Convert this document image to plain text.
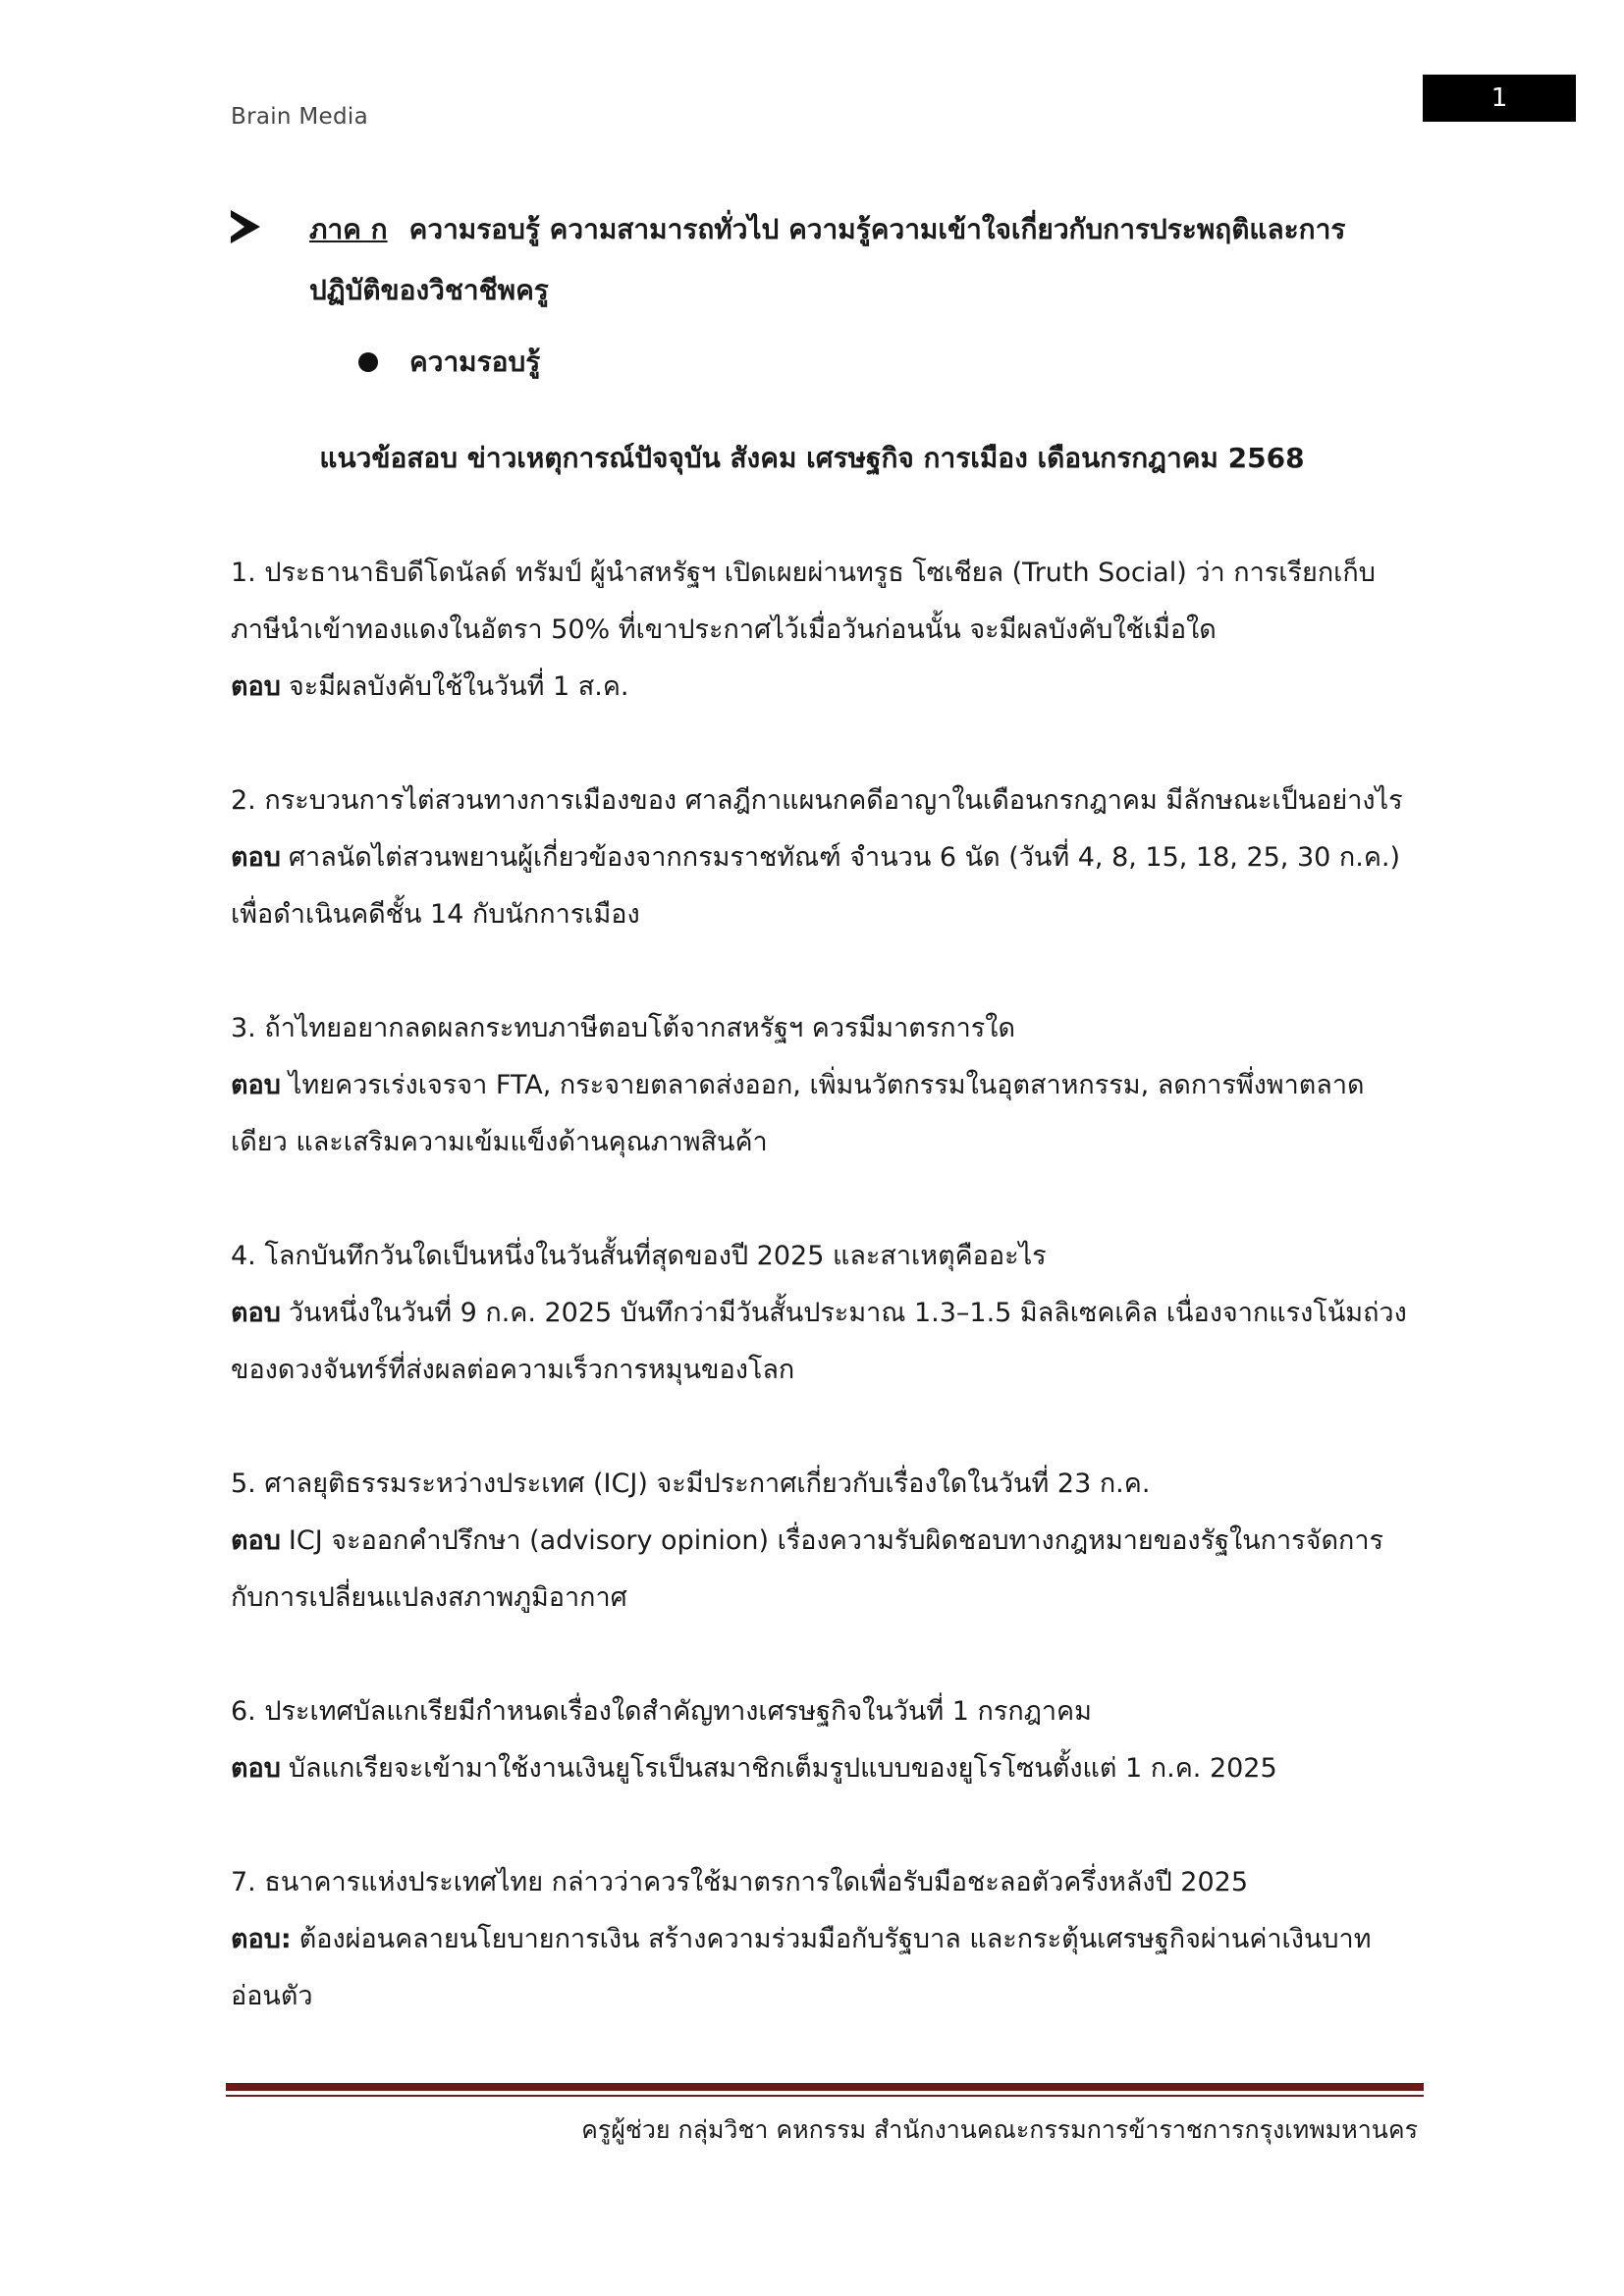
Brain Media
1
ภาค ก ความรอบรู้ ความสามารถทั่วไป ความรู้ความเข้าใจเกี่ยวกับการประพฤติและการ
ปฏิบัติของวิชาชีพครู
ความรอบรู้
แนวข้อสอบ ข่าวเหตุการณ์ปัจจุบัน สังคม เศรษฐกิจ การเมือง เดือนกรกฎาคม 2568
1. ประธานาธิบดีโดนัลด์ ทรัมป์ ผู้นำสหรัฐฯ เปิดเผยผ่านทรูธ โซเชียล (Truth Social) ว่า การเรียกเก็บ
ภาษีนำเข้าทองแดงในอัตรา 50% ที่เขาประกาศไว้เมื่อวันก่อนนั้น จะมีผลบังคับใช้เมื่อใด
ตอบ จะมีผลบังคับใช้ในวันที่ 1 ส.ค.
2. กระบวนการไต่สวนทางการเมืองของ ศาลฎีกาแผนกคดีอาญาในเดือนกรกฎาคม มีลักษณะเป็นอย่างไร
ตอบ ศาลนัดไต่สวนพยานผู้เกี่ยวข้องจากกรมราชทัณฑ์ จำนวน 6 นัด (วันที่ 4, 8, 15, 18, 25, 30 ก.ค.)
เพื่อดำเนินคดีชั้น 14 กับนักการเมือง
3. ถ้าไทยอยากลดผลกระทบภาษีตอบโต้จากสหรัฐฯ ควรมีมาตรการใด
ตอบ ไทยควรเร่งเจรจา FTA, กระจายตลาดส่งออก, เพิ่มนวัตกรรมในอุตสาหกรรม, ลดการพึ่งพาตลาด
เดียว และเสริมความเข้มแข็งด้านคุณภาพสินค้า
4. โลกบันทึกวันใดเป็นหนึ่งในวันสั้นที่สุดของปี 2025 และสาเหตุคืออะไร
ตอบ วันหนึ่งในวันที่ 9 ก.ค. 2025 บันทึกว่ามีวันสั้นประมาณ 1.3–1.5 มิลลิเซคเคิล เนื่องจากแรงโน้มถ่วง
ของดวงจันทร์ที่ส่งผลต่อความเร็วการหมุนของโลก
5. ศาลยุติธรรมระหว่างประเทศ (ICJ) จะมีประกาศเกี่ยวกับเรื่องใดในวันที่ 23 ก.ค.
ตอบ ICJ จะออกคำปรึกษา (advisory opinion) เรื่องความรับผิดชอบทางกฎหมายของรัฐในการจัดการ
กับการเปลี่ยนแปลงสภาพภูมิอากาศ
6. ประเทศบัลแกเรียมีกำหนดเรื่องใดสำคัญทางเศรษฐกิจในวันที่ 1 กรกฎาคม
ตอบ บัลแกเรียจะเข้ามาใช้งานเงินยูโรเป็นสมาชิกเต็มรูปแบบของยูโรโซนตั้งแต่ 1 ก.ค. 2025
7. ธนาคารแห่งประเทศไทย กล่าวว่าควรใช้มาตรการใดเพื่อรับมือชะลอตัวครึ่งหลังปี 2025
ตอบ: ต้องผ่อนคลายนโยบายการเงิน สร้างความร่วมมือกับรัฐบาล และกระตุ้นเศรษฐกิจผ่านค่าเงินบาท
อ่อนตัว
ครูผู้ช่วย กลุ่มวิชา คหกรรม สำนักงานคณะกรรมการข้าราชการกรุงเทพมหานคร
